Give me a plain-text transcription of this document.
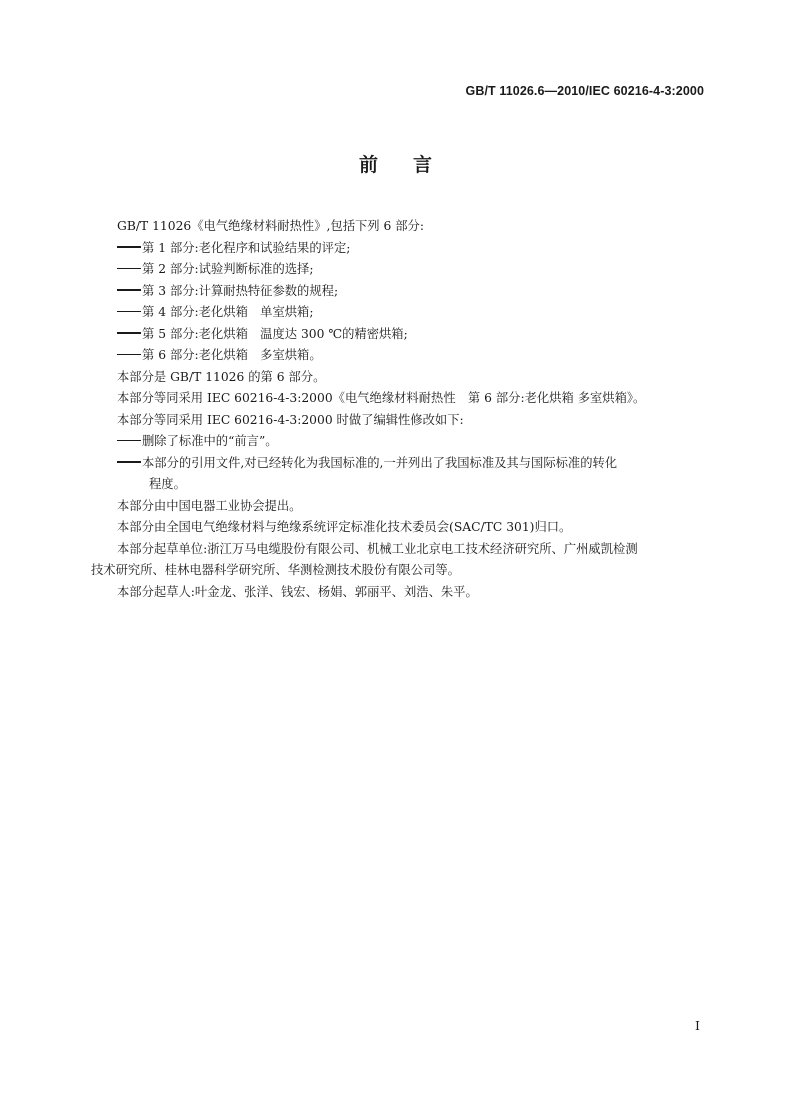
GB/T 11026.6—2010/IEC 60216-4-3:2000
前 言
GB/T 11026《电气绝缘材料耐热性》,包括下列 6 部分:
第 1 部分:老化程序和试验结果的评定;
第 2 部分:试验判断标准的选择;
第 3 部分:计算耐热特征参数的规程;
第 4 部分:老化烘箱　单室烘箱;
第 5 部分:老化烘箱　温度达 300 ℃的精密烘箱;
第 6 部分:老化烘箱　多室烘箱。
本部分是 GB/T 11026 的第 6 部分。
本部分等同采用 IEC 60216-4-3:2000《电气绝缘材料耐热性　第 6 部分:老化烘箱 多室烘箱》。
本部分等同采用 IEC 60216-4-3:2000 时做了编辑性修改如下:
删除了标准中的“前言”。
本部分的引用文件,对已经转化为我国标准的,一并列出了我国标准及其与国际标准的转化
程度。
本部分由中国电器工业协会提出。
本部分由全国电气绝缘材料与绝缘系统评定标准化技术委员会(SAC/TC 301)归口。
本部分起草单位:浙江万马电缆股份有限公司、机械工业北京电工技术经济研究所、广州威凯检测
技术研究所、桂林电器科学研究所、华测检测技术股份有限公司等。
本部分起草人:叶金龙、张洋、钱宏、杨娟、郭丽平、刘浩、朱平。
I
